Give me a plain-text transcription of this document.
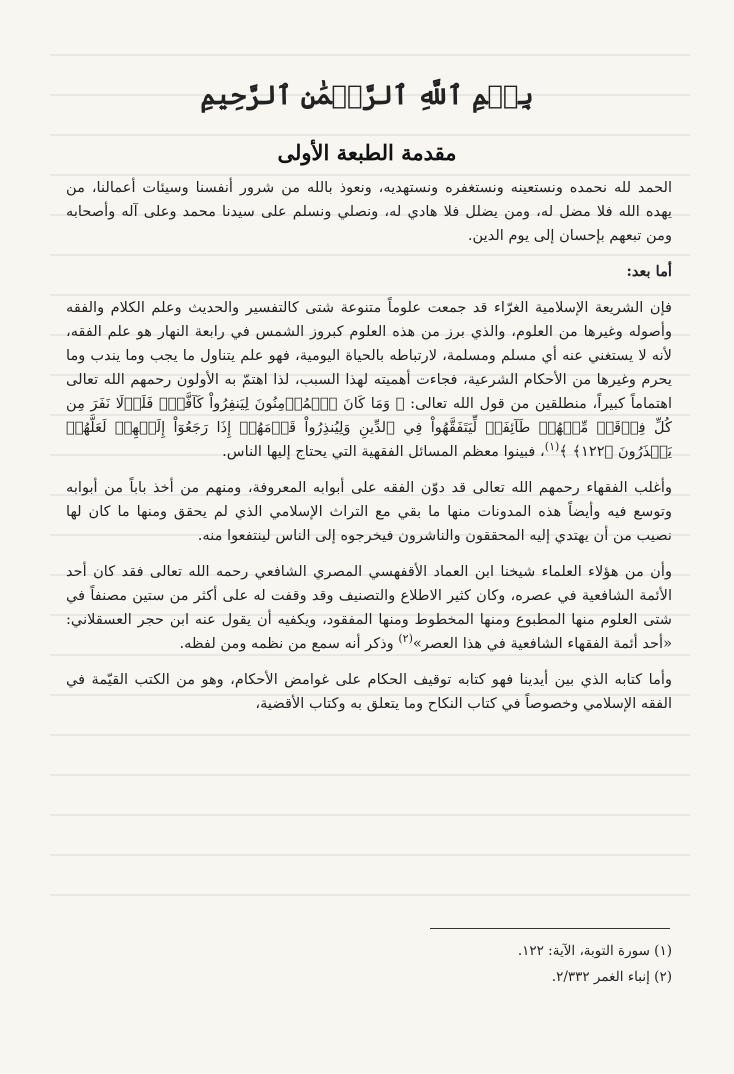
بِسۡمِ ٱللَّهِ ٱلرَّحۡمَٰنِ ٱلرَّحِيمِ
مقدمة الطبعة الأولى

الحمد لله نحمده ونستعينه ونستغفره ونستهديه، ونعوذ بالله من شرور أنفسنا وسيئات أعمالنا، من يهده الله فلا مضل له، ومن يضلل فلا هادي له، ونصلي ونسلم على سيدنا محمد وعلى آله وأصحابه ومن تبعهم بإحسان إلى يوم الدين.

أما بعد:

فإن الشريعة الإسلامية الغرّاء قد جمعت علوماً متنوعة شتى كالتفسير والحديث وعلم الكلام والفقه وأصوله وغيرها من العلوم، والذي برز من هذه العلوم كبروز الشمس في رابعة النهار هو علم الفقه، لأنه لا يستغني عنه أي مسلم ومسلمة، لارتباطه بالحياة اليومية، فهو علم يتناول ما يجب وما يندب وما يحرم وغيرها من الأحكام الشرعية، فجاءت أهميته لهذا السبب، لذا اهتمّ به الأولون رحمهم الله تعالى اهتماماً كبيراً، منطلقين من قول الله تعالى: ﴿ وَمَا كَانَ ٱلۡمُؤۡمِنُونَ لِيَنفِرُواْ كَآفَّةٗۚ فَلَوۡلَا نَفَرَ مِن كُلِّ فِرۡقَةٖ مِّنۡهُمۡ طَآئِفَةٞ لِّيَتَفَقَّهُواْ فِي ٱلدِّينِ وَلِيُنذِرُواْ قَوۡمَهُمۡ إِذَا رَجَعُوٓاْ إِلَيۡهِمۡ لَعَلَّهُمۡ يَحۡذَرُونَ ﴿١٢٢﴾ ﴾$^{(١)}$، فبينوا معظم المسائل الفقهية التي يحتاج إليها الناس.

وأغلب الفقهاء رحمهم الله تعالى قد دوّن الفقه على أبوابه المعروفة، ومنهم من أخذ باباً من أبوابه وتوسع فيه وأيضاً هذه المدونات منها ما بقي مع التراث الإسلامي الذي لم يحقق ومنها ما كان لها نصيب من أن يهتدي إليه المحققون والناشرون فيخرجوه إلى الناس لينتفعوا منه.

وأن من هؤلاء العلماء شيخنا ابن العماد الأقفهسي المصري الشافعي رحمه الله تعالى فقد كان أحد الأئمة الشافعية في عصره، وكان كثير الاطلاع والتصنيف وقد وقفت له على أكثر من ستين مصنفاً في شتى العلوم منها المطبوع ومنها المخطوط ومنها المفقود، ويكفيه أن يقول عنه ابن حجر العسقلاني: «أحد أئمة الفقهاء الشافعية في هذا العصر»$^{(٢)}$ وذكر أنه سمع من نظمه ومن لفظه.

وأما كتابه الذي بين أيدينا فهو كتابه توقيف الحكام على غوامض الأحكام، وهو من الكتب القيّمة في الفقه الإسلامي وخصوصاً في كتاب النكاح وما يتعلق به وكتاب الأقضية،

(١) سورة التوبة، الآية: ١٢٢.
(٢) إنباء الغمر ٢/٣٣٢.
